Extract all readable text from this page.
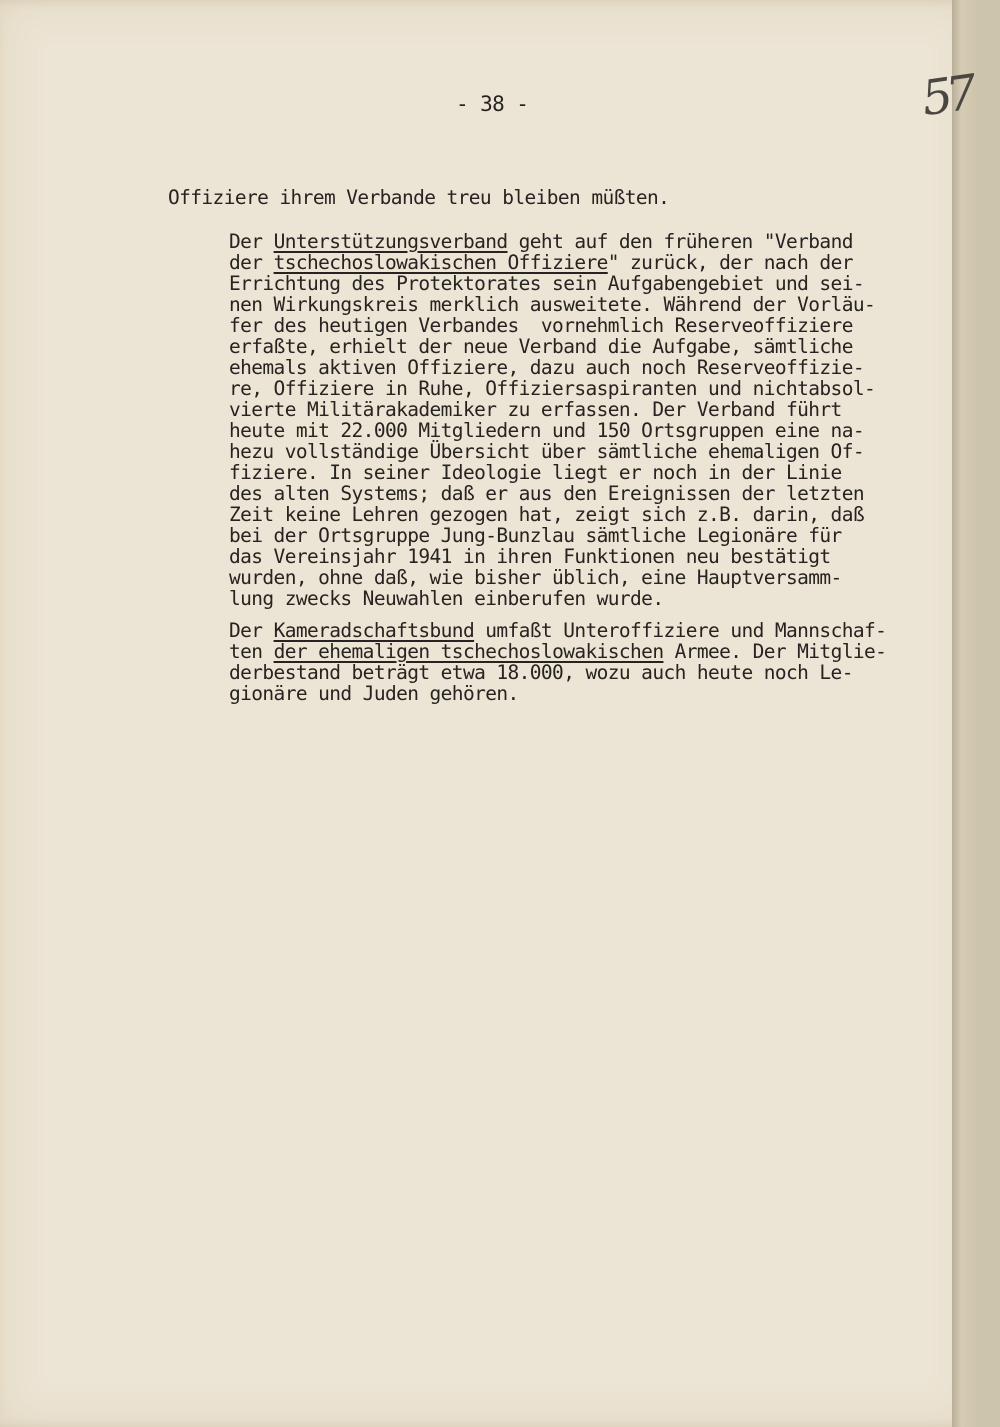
- 38 -	57

Offiziere ihrem Verbande treu bleiben müßten.

Der Unterstützungsverband geht auf den früheren "Verband

der tschechoslowakischen Offiziere" zurück, der nach der

Errichtung des Protektorates sein Aufgabengebiet und sei-

nen Wirkungskreis merklich ausweitete. Während der Vorläu-

fer des heutigen Verbandes  vornehmlich Reserveoffiziere

erfaßte, erhielt der neue Verband die Aufgabe, sämtliche

ehemals aktiven Offiziere, dazu auch noch Reserveoffizie-

re, Offiziere in Ruhe, Offiziersaspiranten und nichtabsol-

vierte Militärakademiker zu erfassen. Der Verband führt

heute mit 22.000 Mitgliedern und 150 Ortsgruppen eine na-

hezu vollständige Übersicht über sämtliche ehemaligen Of-

fiziere. In seiner Ideologie liegt er noch in der Linie

des alten Systems; daß er aus den Ereignissen der letzten

Zeit keine Lehren gezogen hat, zeigt sich z.B. darin, daß

bei der Ortsgruppe Jung-Bunzlau sämtliche Legionäre für

das Vereinsjahr 1941 in ihren Funktionen neu bestätigt

wurden, ohne daß, wie bisher üblich, eine Hauptversamm-

lung zwecks Neuwahlen einberufen wurde.

Der Kameradschaftsbund umfaßt Unteroffiziere und Mannschaf-

ten der ehemaligen tschechoslowakischen Armee. Der Mitglie-

derbestand beträgt etwa 18.000, wozu auch heute noch Le-

gionäre und Juden gehören.
